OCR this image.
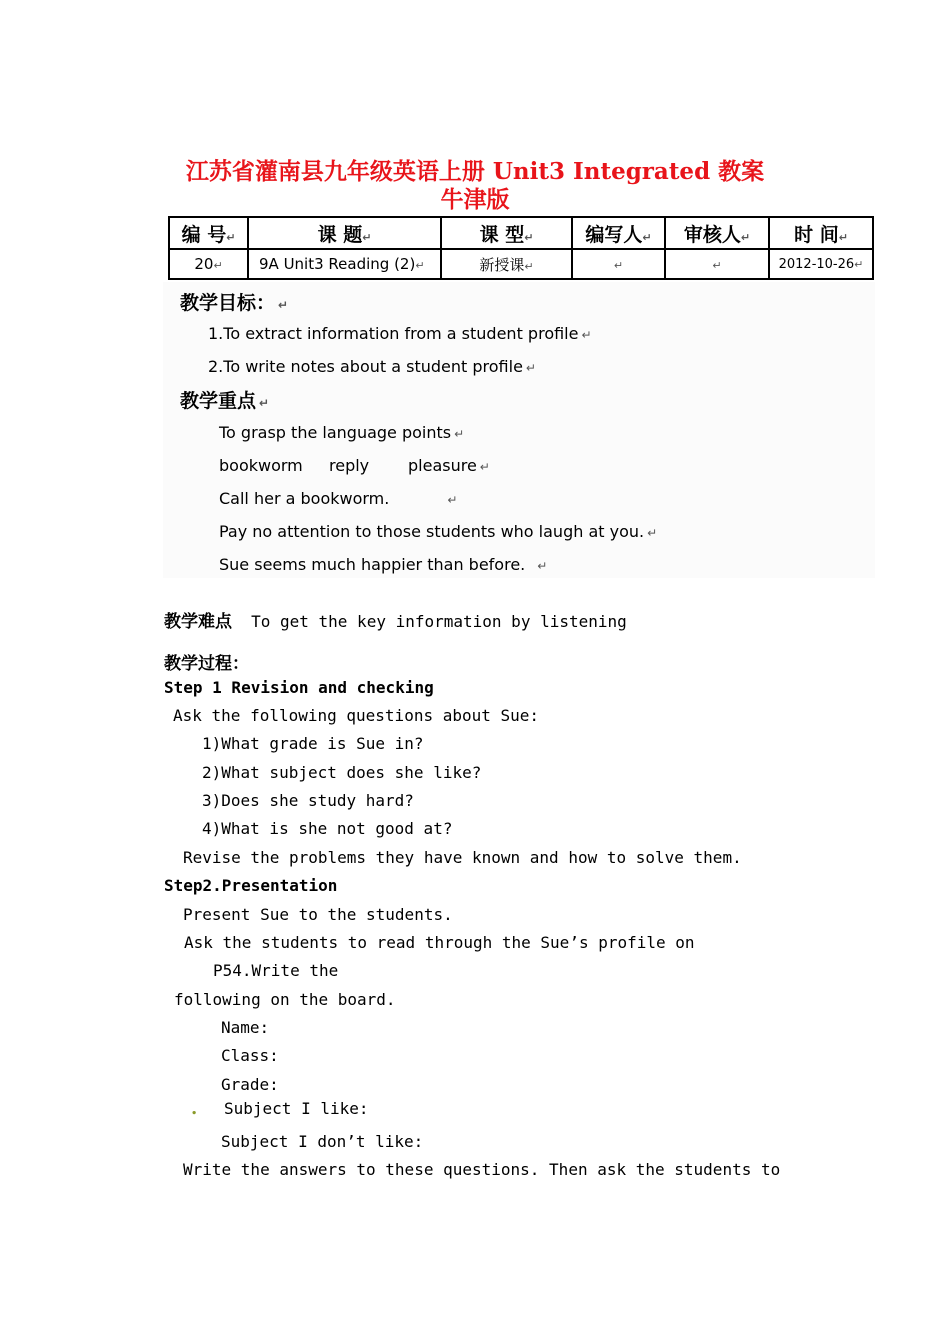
江苏省灌南县九年级英语上册 Unit3 Integrated 教案
牛津版
编 号↵	课 题↵	课 型↵	编写人↵	审核人↵	时 间↵
20↵	9A Unit3 Reading (2)↵	新授课↵	↵	↵	2012-10-26↵
教学目标： ↵
1.To extract information from a student profile ↵
2.To write notes about a student profile ↵
教学重点 ↵
To grasp the language points ↵
bookworm reply pleasure ↵
Call her a bookworm.	↵
Pay no attention to those students who laugh at you. ↵
Sue seems much happier than before. ↵
教学难点 To get the key information by listening
教学过程：
Step 1 Revision and checking
Ask the following questions about Sue:
1)What grade is Sue in?
2)What subject does she like?
3)Does she study hard?
4)What is she not good at?
Revise the problems they have known and how to solve them.
Step2.Presentation
Present Sue to the students.
Ask the students to read through the Sue’s profile on
P54.Write the
following on the board.
Name:
Class:
Grade:
. Subject I like:
Subject I don’t like:
Write the answers to these questions. Then ask the students to
